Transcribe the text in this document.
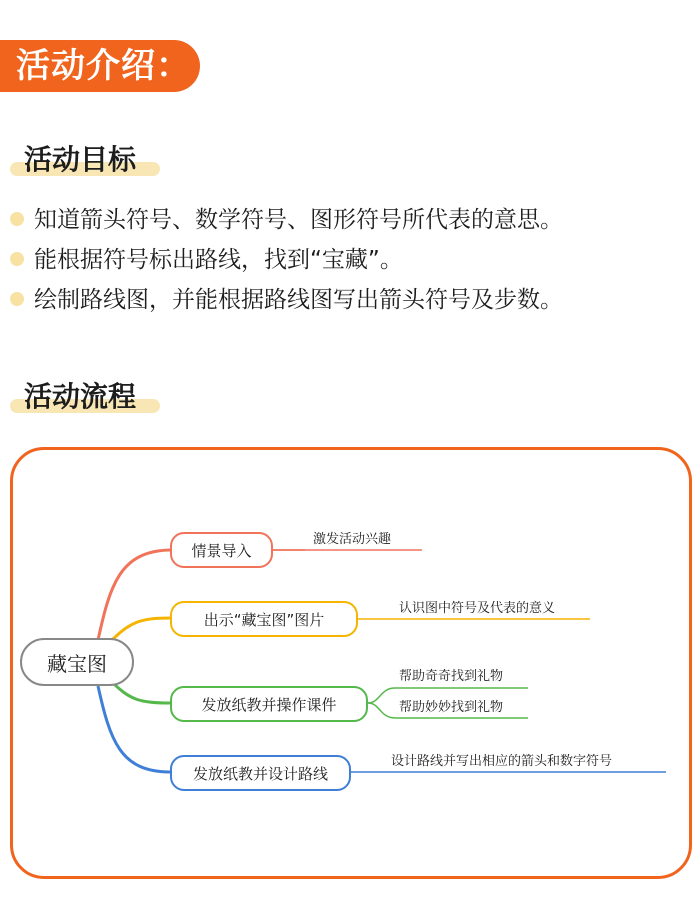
活动介绍：
活动目标
知道箭头符号、数学符号、图形符号所代表的意思。
能根据符号标出路线，找到“宝藏”。
绘制路线图，并能根据路线图写出箭头符号及步数。
活动流程
藏宝图
情景导入
出示“藏宝图”图片
发放纸教并操作课件
发放纸教并设计路线
激发活动兴趣
认识图中符号及代表的意义
帮助奇奇找到礼物
帮助妙妙找到礼物
设计路线并写出相应的箭头和数字符号
